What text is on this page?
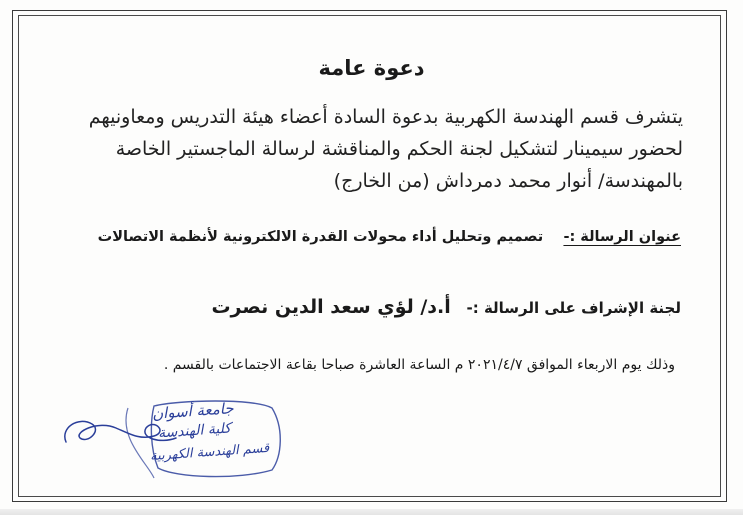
دعوة عامة
يتشرف قسم الهندسة الكهربية بدعوة السادة أعضاء هيئة التدريس ومعاونيهم
لحضور سيمينار لتشكيل لجنة الحكم والمناقشة لرسالة الماجستير الخاصة
بالمهندسة/ أنوار محمد دمرداش (من الخارج)
عنوان الرسالة :-    تصميم وتحليل أداء محولات القدرة الالكترونية لأنظمة الاتصالات
لجنة الإشراف على الرسالة :-   أ.د/ لؤي سعد الدين نصرت
وذلك يوم الاربعاء الموافق ٢٠٢١/٤/٧ م الساعة العاشرة صباحا بقاعة الاجتماعات بالقسم .
جامعة أسوان
كلية الهندسة
قسم الهندسة الكهربية
